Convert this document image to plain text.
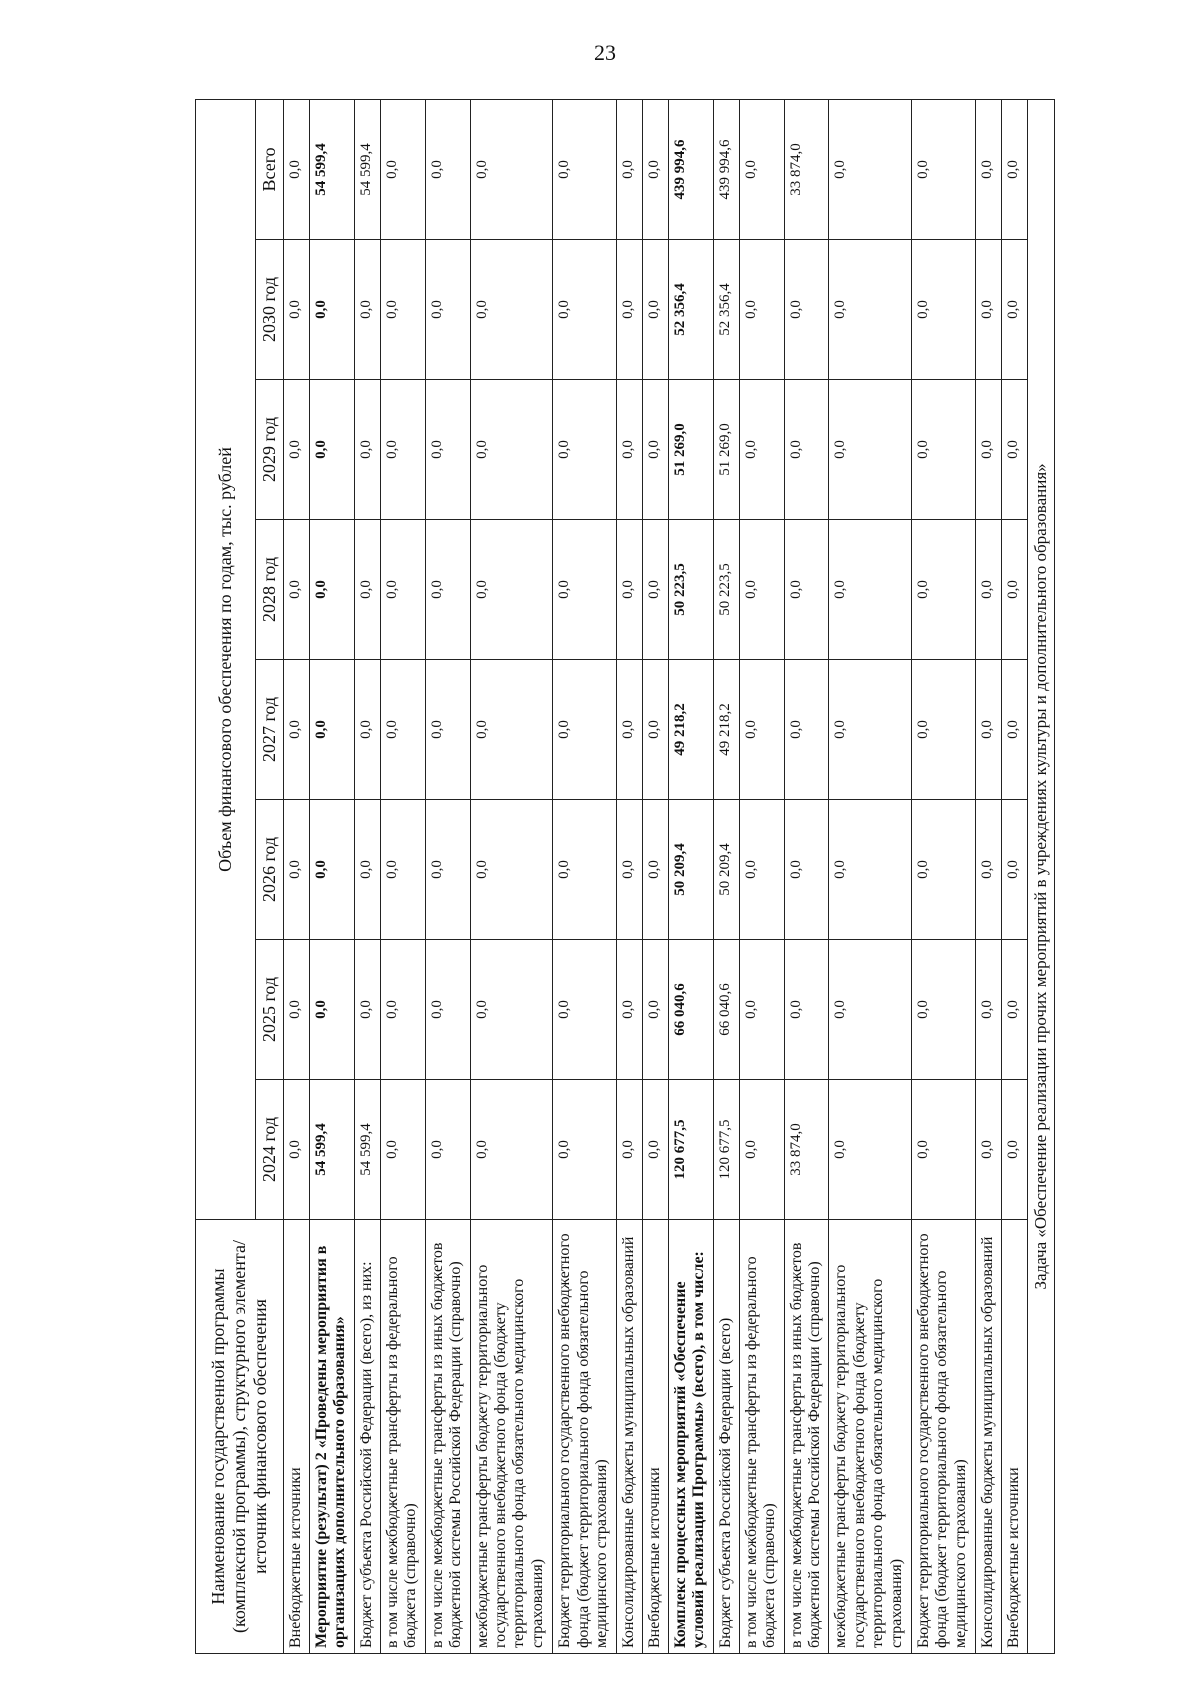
23
Наименование государственной программы (комплексной программы), структурного элемента/источник финансового обеспечения	Объем финансового обеспечения по годам, тыс. рублей							
	2024 год	2025 год	2026 год	2027 год	2028 год	2029 год	2030 год	Всего
Внебюджетные источники	0,0	0,0	0,0	0,0	0,0	0,0	0,0	0,0
Мероприятие (результат) 2 «Проведены мероприятия в организациях дополнительного образования»	54 599,4	0,0	0,0	0,0	0,0	0,0	0,0	54 599,4
Бюджет субъекта Российской Федерации (всего), из них:	54 599,4	0,0	0,0	0,0	0,0	0,0	0,0	54 599,4
в том числе межбюджетные трансферты из федерального бюджета (справочно)	0,0	0,0	0,0	0,0	0,0	0,0	0,0	0,0
в том числе межбюджетные трансферты из иных бюджетов бюджетной системы Российской Федерации (справочно)	0,0	0,0	0,0	0,0	0,0	0,0	0,0	0,0
межбюджетные трансферты бюджету территориального государственного внебюджетного фонда (бюджету территориального фонда обязательного медицинского страхования)	0,0	0,0	0,0	0,0	0,0	0,0	0,0	0,0
Бюджет территориального государственного внебюджетного фонда (бюджет территориального фонда обязательного медицинского страхования)	0,0	0,0	0,0	0,0	0,0	0,0	0,0	0,0
Консолидированные бюджеты муниципальных образований	0,0	0,0	0,0	0,0	0,0	0,0	0,0	0,0
Внебюджетные источники	0,0	0,0	0,0	0,0	0,0	0,0	0,0	0,0
Комплекс процессных мероприятий «Обеспечение условий реализации Программы» (всего), в том числе:	120 677,5	66 040,6	50 209,4	49 218,2	50 223,5	51 269,0	52 356,4	439 994,6
Бюджет субъекта Российской Федерации (всего)	120 677,5	66 040,6	50 209,4	49 218,2	50 223,5	51 269,0	52 356,4	439 994,6
в том числе межбюджетные трансферты из федерального бюджета (справочно)	0,0	0,0	0,0	0,0	0,0	0,0	0,0	0,0
в том числе межбюджетные трансферты из иных бюджетов бюджетной системы Российской Федерации (справочно)	33 874,0	0,0	0,0	0,0	0,0	0,0	0,0	33 874,0
межбюджетные трансферты бюджету территориального государственного внебюджетного фонда (бюджету территориального фонда обязательного медицинского страхования)	0,0	0,0	0,0	0,0	0,0	0,0	0,0	0,0
Бюджет территориального государственного внебюджетного фонда (бюджет территориального фонда обязательного медицинского страхования)	0,0	0,0	0,0	0,0	0,0	0,0	0,0	0,0
Консолидированные бюджеты муниципальных образований	0,0	0,0	0,0	0,0	0,0	0,0	0,0	0,0
Внебюджетные источники	0,0	0,0	0,0	0,0	0,0	0,0	0,0	0,0
Задача «Обеспечение реализации прочих мероприятий в учреждениях культуры и дополнительного образования»								
